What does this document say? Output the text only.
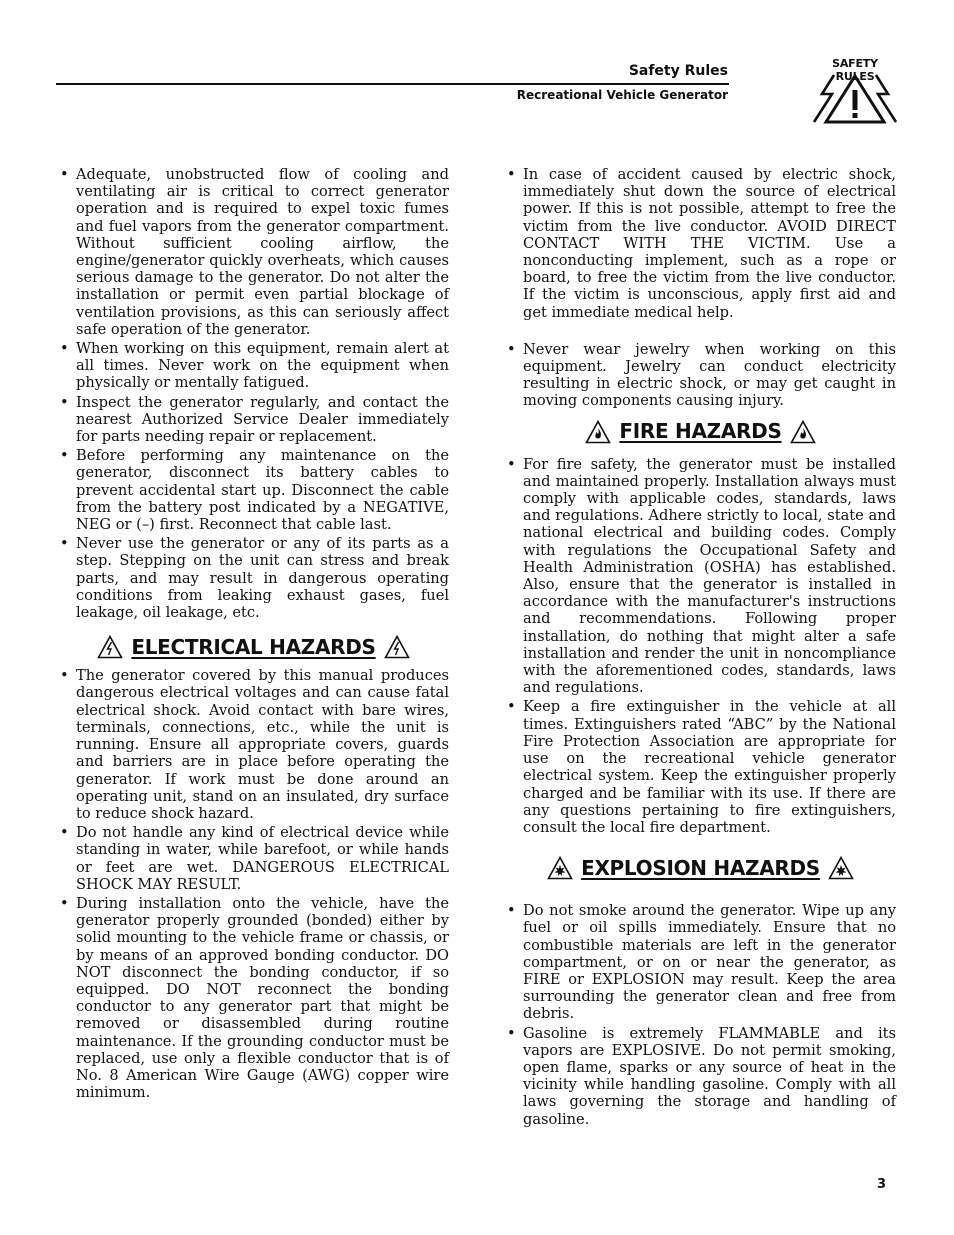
Safety Rules
Recreational Vehicle Generator
SAFETY RULES
• Adequate, unobstructed flow of cooling and ventilating air is critical to correct generator operation and is required to expel toxic fumes and fuel vapors from the generator compartment. Without sufficient cooling airflow, the engine/generator quickly overheats, which causes serious damage to the generator. Do not alter the installation or permit even partial blockage of ventilation provisions, as this can seriously affect safe operation of the generator.
• When working on this equipment, remain alert at all times. Never work on the equipment when physically or mentally fatigued.
• Inspect the generator regularly, and contact the nearest Authorized Service Dealer immediately for parts needing repair or replacement.
• Before performing any maintenance on the generator, disconnect its battery cables to prevent accidental start up. Disconnect the cable from the battery post indicated by a NEGATIVE, NEG or (–) first. Reconnect that cable last.
• Never use the generator or any of its parts as a step. Stepping on the unit can stress and break parts, and may result in dangerous operating conditions from leaking exhaust gases, fuel leakage, oil leakage, etc.
ELECTRICAL HAZARDS
• The generator covered by this manual produces dangerous electrical voltages and can cause fatal electrical shock. Avoid contact with bare wires, terminals, connections, etc., while the unit is running. Ensure all appropriate covers, guards and barriers are in place before operating the generator. If work must be done around an operating unit, stand on an insulated, dry surface to reduce shock hazard.
• Do not handle any kind of electrical device while standing in water, while barefoot, or while hands or feet are wet. DANGEROUS ELECTRICAL SHOCK MAY RESULT.
• During installation onto the vehicle, have the generator properly grounded (bonded) either by solid mounting to the vehicle frame or chassis, or by means of an approved bonding conductor. DO NOT disconnect the bonding conductor, if so equipped. DO NOT reconnect the bonding conductor to any generator part that might be removed or disassembled during routine maintenance. If the grounding conductor must be replaced, use only a flexible conductor that is of No. 8 American Wire Gauge (AWG) copper wire minimum.
• In case of accident caused by electric shock, immediately shut down the source of electrical power. If this is not possible, attempt to free the victim from the live conductor. AVOID DIRECT CONTACT WITH THE VICTIM. Use a nonconducting implement, such as a rope or board, to free the victim from the live conductor. If the victim is unconscious, apply first aid and get immediate medical help.
• Never wear jewelry when working on this equipment. Jewelry can conduct electricity resulting in electric shock, or may get caught in moving components causing injury.
FIRE HAZARDS
• For fire safety, the generator must be installed and maintained properly. Installation always must comply with applicable codes, standards, laws and regulations. Adhere strictly to local, state and national electrical and building codes. Comply with regulations the Occupational Safety and Health Administration (OSHA) has established. Also, ensure that the generator is installed in accordance with the manufacturer's instructions and recommendations. Following proper installation, do nothing that might alter a safe installation and render the unit in noncompliance with the aforementioned codes, standards, laws and regulations.
• Keep a fire extinguisher in the vehicle at all times. Extinguishers rated “ABC” by the National Fire Protection Association are appropriate for use on the recreational vehicle generator electrical system. Keep the extinguisher properly charged and be familiar with its use. If there are any questions pertaining to fire extinguishers, consult the local fire department.
EXPLOSION HAZARDS
• Do not smoke around the generator. Wipe up any fuel or oil spills immediately. Ensure that no combustible materials are left in the generator compartment, or on or near the generator, as FIRE or EXPLOSION may result. Keep the area surrounding the generator clean and free from debris.
• Gasoline is extremely FLAMMABLE and its vapors are EXPLOSIVE. Do not permit smoking, open flame, sparks or any source of heat in the vicinity while handling gasoline. Comply with all laws governing the storage and handling of gasoline.
3
